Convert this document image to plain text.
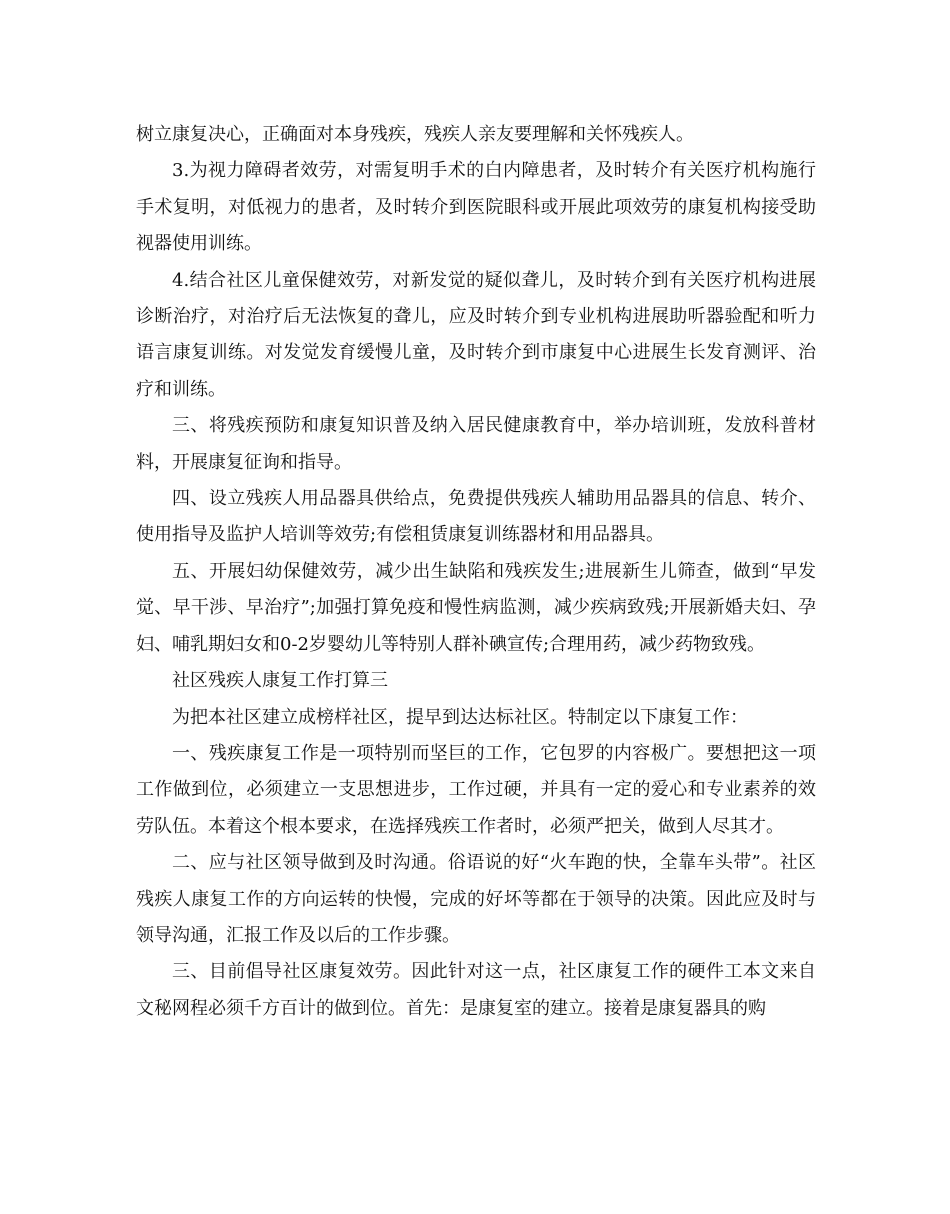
树立康复决心，正确面对本身残疾，残疾人亲友要理解和关怀残疾人。

3.为视力障碍者效劳，对需复明手术的白内障患者，及时转介有关医疗机构施行手术复明，对低视力的患者，及时转介到医院眼科或开展此项效劳的康复机构接受助视器使用训练。

4.结合社区儿童保健效劳，对新发觉的疑似聋儿，及时转介到有关医疗机构进展诊断治疗，对治疗后无法恢复的聋儿，应及时转介到专业机构进展助听器验配和听力语言康复训练。对发觉发育缓慢儿童，及时转介到市康复中心进展生长发育测评、治疗和训练。

三、将残疾预防和康复知识普及纳入居民健康教育中，举办培训班，发放科普材料，开展康复征询和指导。

四、设立残疾人用品器具供给点，免费提供残疾人辅助用品器具的信息、转介、使用指导及监护人培训等效劳;有偿租赁康复训练器材和用品器具。

五、开展妇幼保健效劳，减少出生缺陷和残疾发生;进展新生儿筛查，做到“早发觉、早干涉、早治疗”;加强打算免疫和慢性病监测，减少疾病致残;开展新婚夫妇、孕妇、哺乳期妇女和0-2岁婴幼儿等特别人群补碘宣传;合理用药，减少药物致残。

社区残疾人康复工作打算三

为把本社区建立成榜样社区，提早到达达标社区。特制定以下康复工作：

一、残疾康复工作是一项特别而坚巨的工作，它包罗的内容极广。要想把这一项工作做到位，必须建立一支思想进步，工作过硬，并具有一定的爱心和专业素养的效劳队伍。本着这个根本要求，在选择残疾工作者时，必须严把关，做到人尽其才。

二、应与社区领导做到及时沟通。俗语说的好“火车跑的快，全靠车头带”。社区残疾人康复工作的方向运转的快慢，完成的好坏等都在于领导的决策。因此应及时与领导沟通，汇报工作及以后的工作步骤。

三、目前倡导社区康复效劳。因此针对这一点，社区康复工作的硬件工本文来自文秘网程必须千方百计的做到位。首先：是康复室的建立。接着是康复器具的购
